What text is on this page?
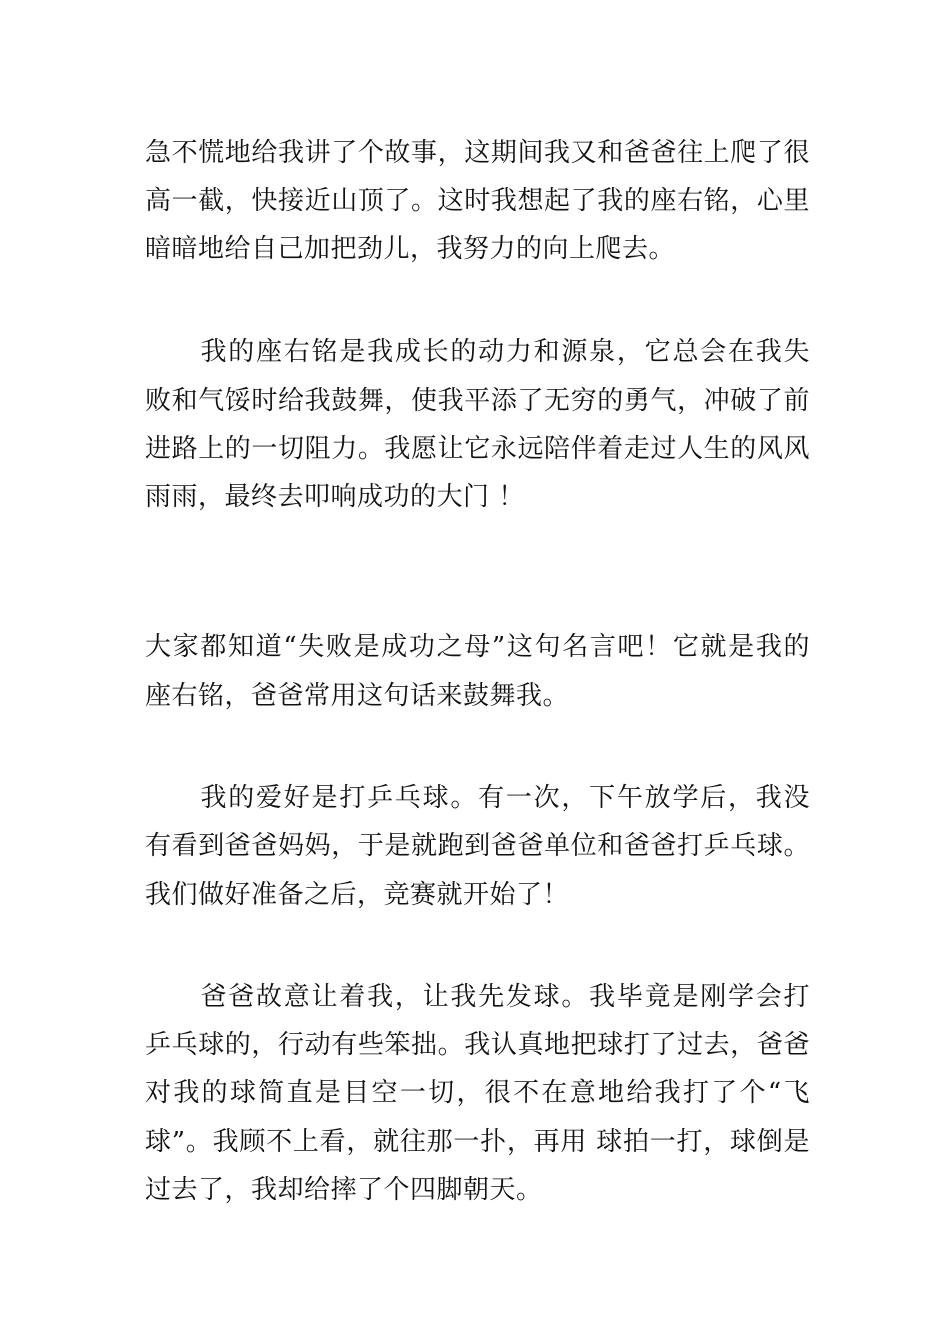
急不慌地给我讲了个故事，这期间我又和爸爸往上爬了很
高一截，快接近山顶了。这时我想起了我的座右铭，心里
暗暗地给自己加把劲儿，我努力的向上爬去。
　　我的座右铭是我成长的动力和源泉，它总会在我失
败和气馁时给我鼓舞，使我平添了无穷的勇气，冲破了前
进路上的一切阻力。我愿让它永远陪伴着走过人生的风风
雨雨，最终去叩响成功的大门 ！
大家都知道“失败是成功之母”这句名言吧！它就是我的
座右铭，爸爸常用这句话来鼓舞我。
　　我的爱好是打乒乓球。有一次，下午放学后，我没
有看到爸爸妈妈，于是就跑到爸爸单位和爸爸打乒乓球。
我们做好准备之后，竞赛就开始了！
　　爸爸故意让着我，让我先发球。我毕竟是刚学会打
乒乓球的，行动有些笨拙。我认真地把球打了过去，爸爸
对我的球简直是目空一切，很不在意地给我打了个“飞
球”。我顾不上看，就往那一扑，再用 球拍一打，球倒是
过去了，我却给摔了个四脚朝天。
